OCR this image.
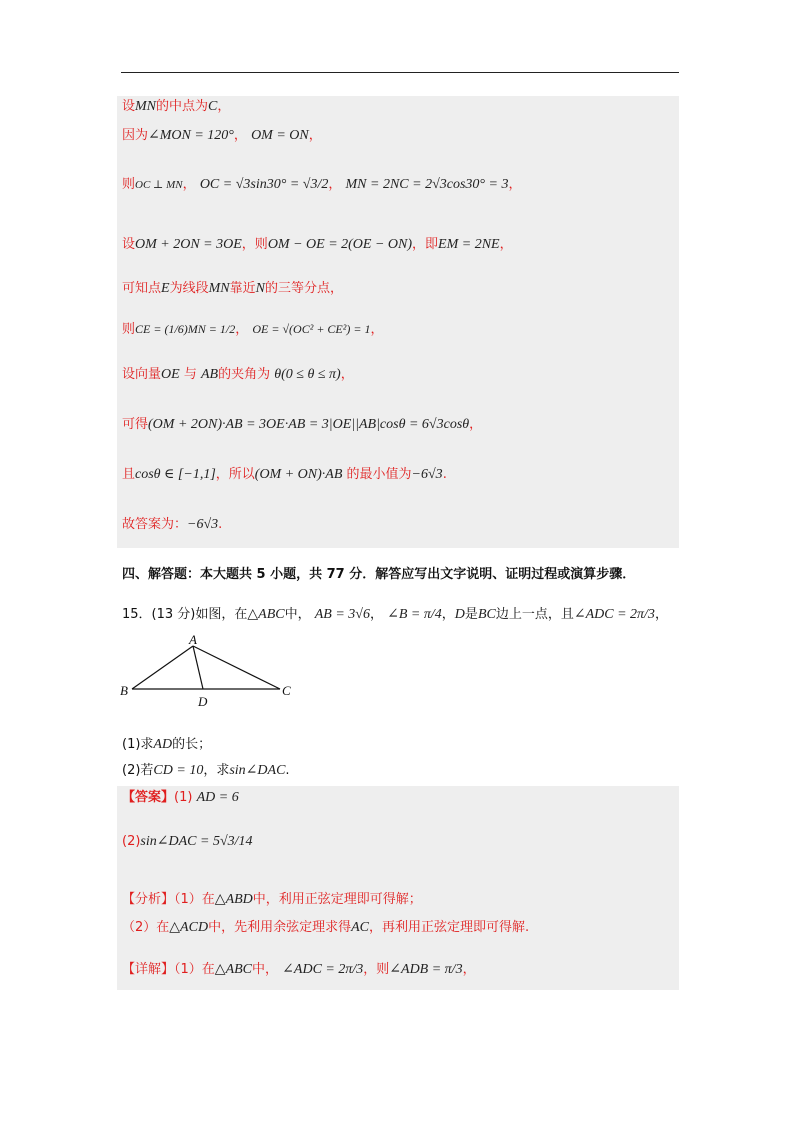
设MN的中点为C，
因为∠MON = 120°， OM = ON，
则OC ⊥ MN， OC = √3sin30° = √3/2， MN = 2NC = 2√3cos30° = 3，
设OM + 2ON = 3OE，则OM − OE = 2(OE − ON)，即EM = 2NE，
可知点E为线段MN靠近N的三等分点，
则CE = (1/6)MN = 1/2， OE = √(OC² + CE²) = 1，
设向量OE 与 AB的夹角为 θ(0 ≤ θ ≤ π)，
可得(OM + 2ON)·AB = 3OE·AB = 3|OE||AB|cosθ = 6√3cosθ，
且cosθ ∈ [−1,1]，所以(OM + ON)·AB 的最小值为−6√3.
故答案为：−6√3.
四、解答题：本大题共 5 小题，共 77 分．解答应写出文字说明、证明过程或演算步骤．
15．(13 分)如图，在△ABC中， AB = 3√6， ∠B = π/4，D是BC边上一点，且∠ADC = 2π/3，
A
B	C
D
(1)求AD的长；
(2)若CD = 10，求sin∠DAC.
【答案】(1) AD = 6
(2)sin∠DAC = 5√3/14
【分析】（1）在△ABD中，利用正弦定理即可得解；
（2）在△ACD中，先利用余弦定理求得AC，再利用正弦定理即可得解.
【详解】（1）在△ABC中， ∠ADC = 2π/3，则∠ADB = π/3，
